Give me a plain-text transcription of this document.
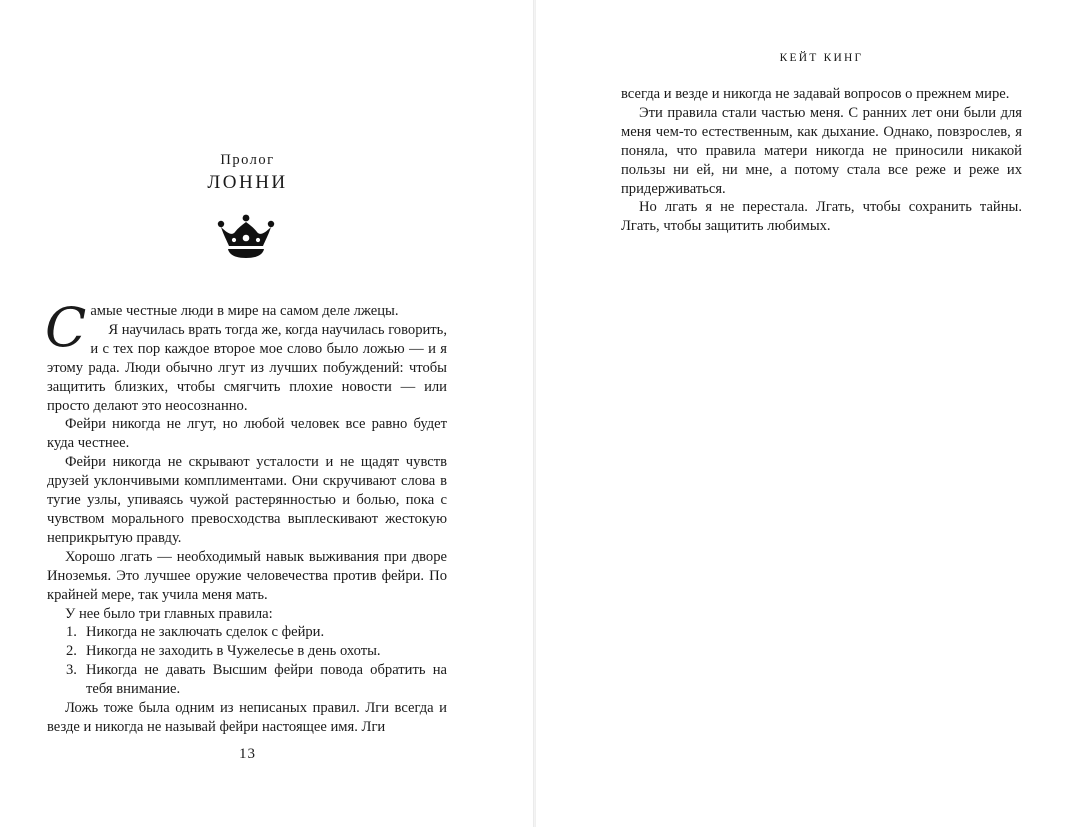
Пролог
ЛОННИ

Самые честные люди в мире на самом деле лжецы.

Я научилась врать тогда же, когда научилась говорить, и с тех пор каждое второе мое слово было ложью — и я этому рада. Люди обычно лгут из лучших побуждений: чтобы защитить близких, чтобы смягчить плохие новости — или просто делают это неосознанно.

Фейри никогда не лгут, но любой человек все равно будет куда честнее.

Фейри никогда не скрывают усталости и не щадят чувств друзей уклончивыми комплиментами. Они скручивают слова в тугие узлы, упиваясь чужой растерянностью и болью, пока с чувством морального превосходства выплескивают жестокую неприкрытую правду.

Хорошо лгать — необходимый навык выживания при дворе Иноземья. Это лучшее оружие человечества против фейри. По крайней мере, так учила меня мать.

У нее было три главных правила:

1. Никогда не заключать сделок с фейри.
2. Никогда не заходить в Чужелесье в день охоты.
3. Никогда не давать Высшим фейри повода обратить на тебя внимание.

Ложь тоже была одним из неписаных правил. Лги всегда и везде и никогда не называй фейри настоящее имя. Лги

13
КЕЙТ КИНГ

всегда и везде и никогда не задавай вопросов о прежнем мире.

Эти правила стали частью меня. С ранних лет они были для меня чем-то естественным, как дыхание. Однако, повзрослев, я поняла, что правила матери никогда не приносили никакой пользы ни ей, ни мне, а потому стала все реже и реже их придерживаться.

Но лгать я не перестала. Лгать, чтобы сохранить тайны. Лгать, чтобы защитить любимых.
